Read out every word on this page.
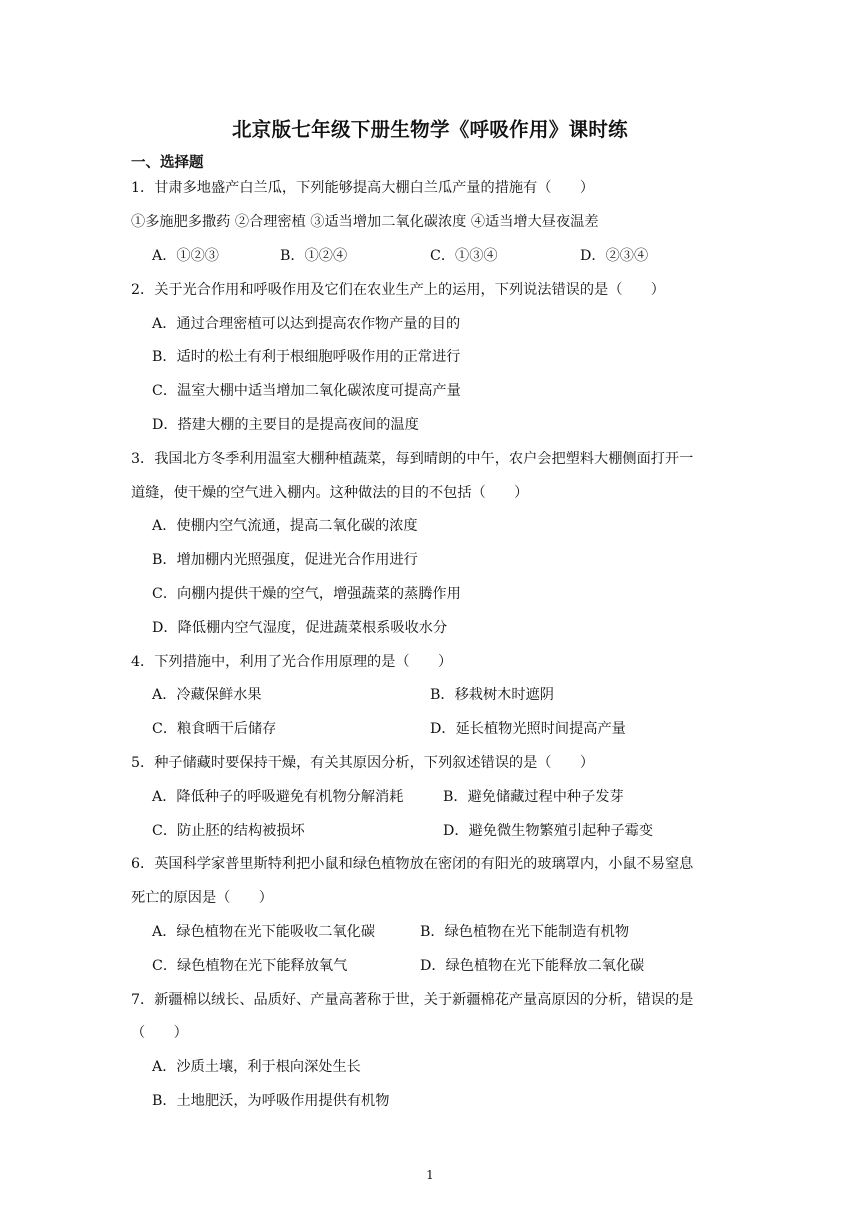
北京版七年级下册生物学《呼吸作用》课时练
一、选择题
1．甘肃多地盛产白兰瓜，下列能够提高大棚白兰瓜产量的措施有（　　）
①多施肥多撒药 ②合理密植 ③适当增加二氧化碳浓度 ④适当增大昼夜温差
A．①②③	B．①②④	C．①③④	D．②③④
2．关于光合作用和呼吸作用及它们在农业生产上的运用，下列说法错误的是（　　）
A．通过合理密植可以达到提高农作物产量的目的
B．适时的松土有利于根细胞呼吸作用的正常进行
C．温室大棚中适当增加二氧化碳浓度可提高产量
D．搭建大棚的主要目的是提高夜间的温度
3．我国北方冬季利用温室大棚种植蔬菜，每到晴朗的中午，农户会把塑料大棚侧面打开一
道缝，使干燥的空气进入棚内。这种做法的目的不包括（　　）
A．使棚内空气流通，提高二氧化碳的浓度
B．增加棚内光照强度，促进光合作用进行
C．向棚内提供干燥的空气，增强蔬菜的蒸腾作用
D．降低棚内空气湿度，促进蔬菜根系吸收水分
4．下列措施中，利用了光合作用原理的是（　　）
A．冷藏保鲜水果	B．移栽树木时遮阴
C．粮食晒干后储存	D．延长植物光照时间提高产量
5．种子储藏时要保持干燥，有关其原因分析，下列叙述错误的是（　　）
A．降低种子的呼吸避免有机物分解消耗	B．避免储藏过程中种子发芽
C．防止胚的结构被损坏	D．避免微生物繁殖引起种子霉变
6．英国科学家普里斯特利把小鼠和绿色植物放在密闭的有阳光的玻璃罩内，小鼠不易窒息
死亡的原因是（　　）
A．绿色植物在光下能吸收二氧化碳	B．绿色植物在光下能制造有机物
C．绿色植物在光下能释放氧气	D．绿色植物在光下能释放二氧化碳
7．新疆棉以绒长、品质好、产量高著称于世，关于新疆棉花产量高原因的分析，错误的是
（　　）
A．沙质土壤，利于根向深处生长
B．土地肥沃，为呼吸作用提供有机物
1
